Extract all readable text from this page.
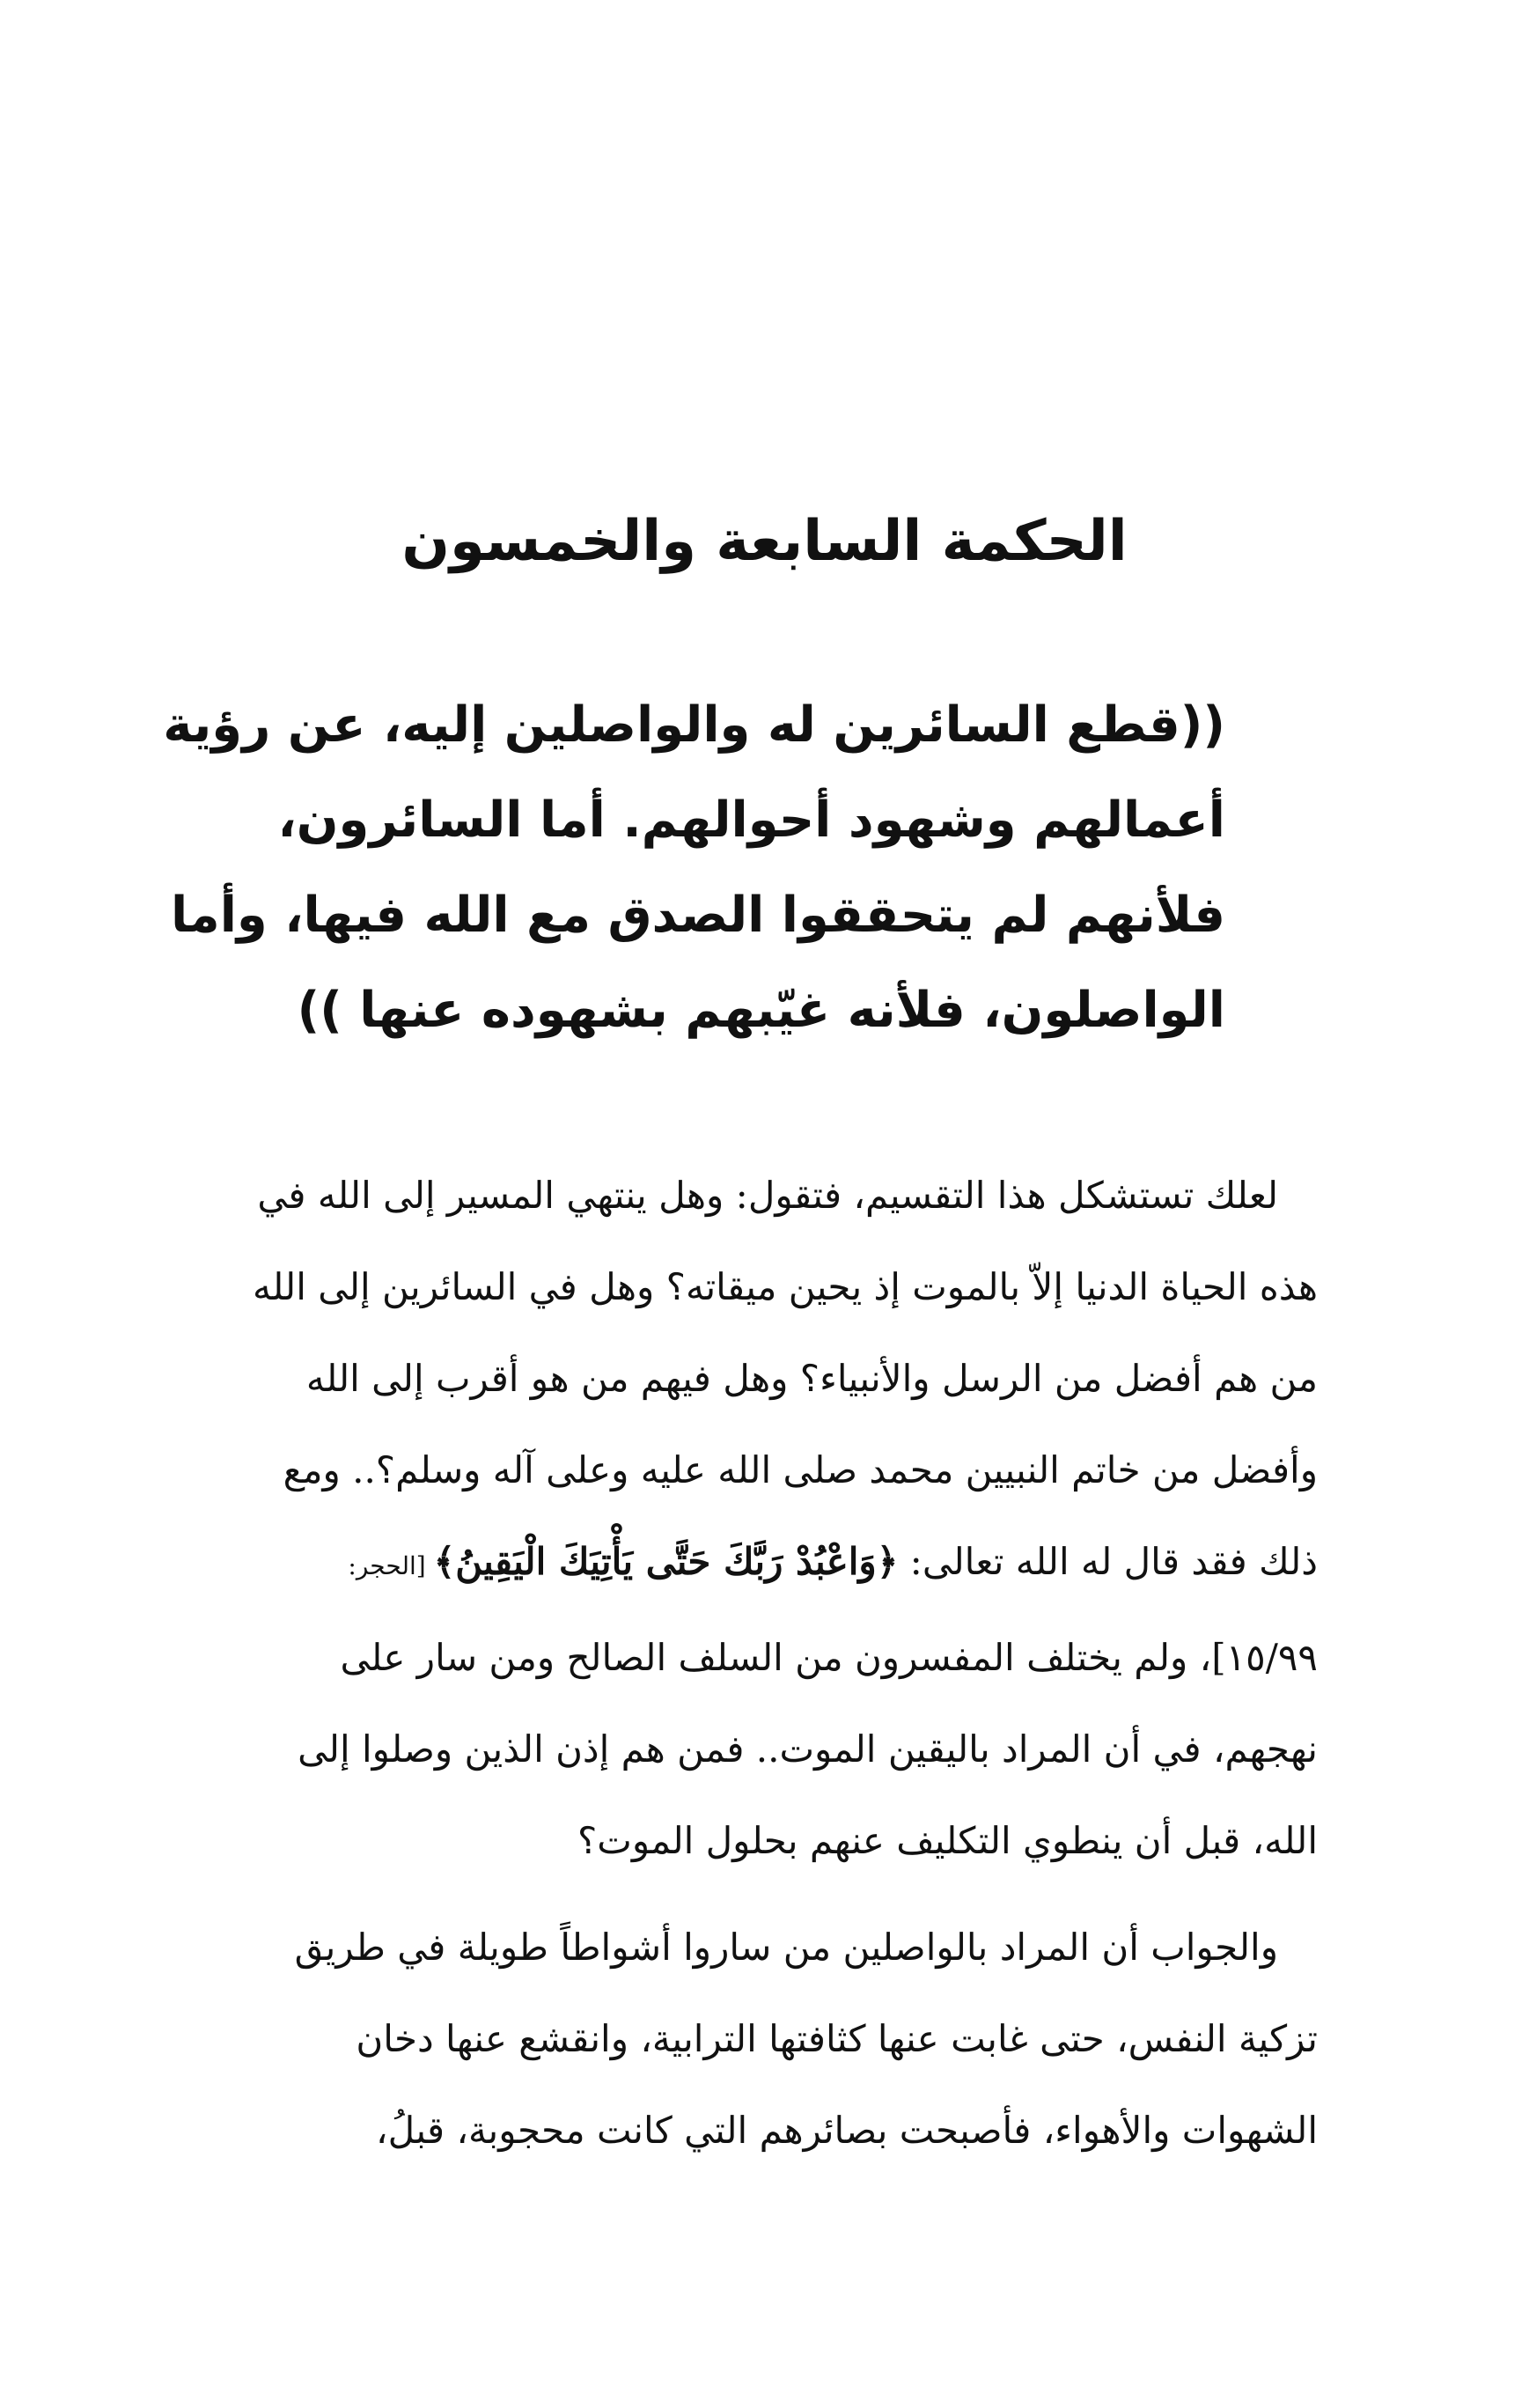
الحكمة السابعة والخمسون
((قطع السائرين له والواصلين إليه، عن رؤية
أعمالهم وشهود أحوالهم. أما السائرون،
فلأنهم لم يتحققوا الصدق مع الله فيها، وأما
الواصلون، فلأنه غيّبهم بشهوده عنها ))
لعلك تستشكل هذا التقسيم، فتقول: وهل ينتهي المسير إلى الله في
هذه الحياة الدنيا إلاّ بالموت إذ يحين ميقاته؟ وهل في السائرين إلى الله
من هم أفضل من الرسل والأنبياء؟ وهل فيهم من هو أقرب إلى الله
وأفضل من خاتم النبيين محمد صلى الله عليه وعلى آله وسلم؟.. ومع
ذلك فقد قال له الله تعالى: ﴿وَاعْبُدْ رَبَّكَ حَتَّى يَأْتِيَكَ الْيَقِينُ﴾ [الحجر:
١٥/٩٩]، ولم يختلف المفسرون من السلف الصالح ومن سار على
نهجهم، في أن المراد باليقين الموت.. فمن هم إذن الذين وصلوا إلى
الله، قبل أن ينطوي التكليف عنهم بحلول الموت؟
والجواب أن المراد بالواصلين من ساروا أشواطاً طويلة في طريق
تزكية النفس، حتى غابت عنها كثافتها الترابية، وانقشع عنها دخان
الشهوات والأهواء، فأصبحت بصائرهم التي كانت محجوبة، قبلُ،
